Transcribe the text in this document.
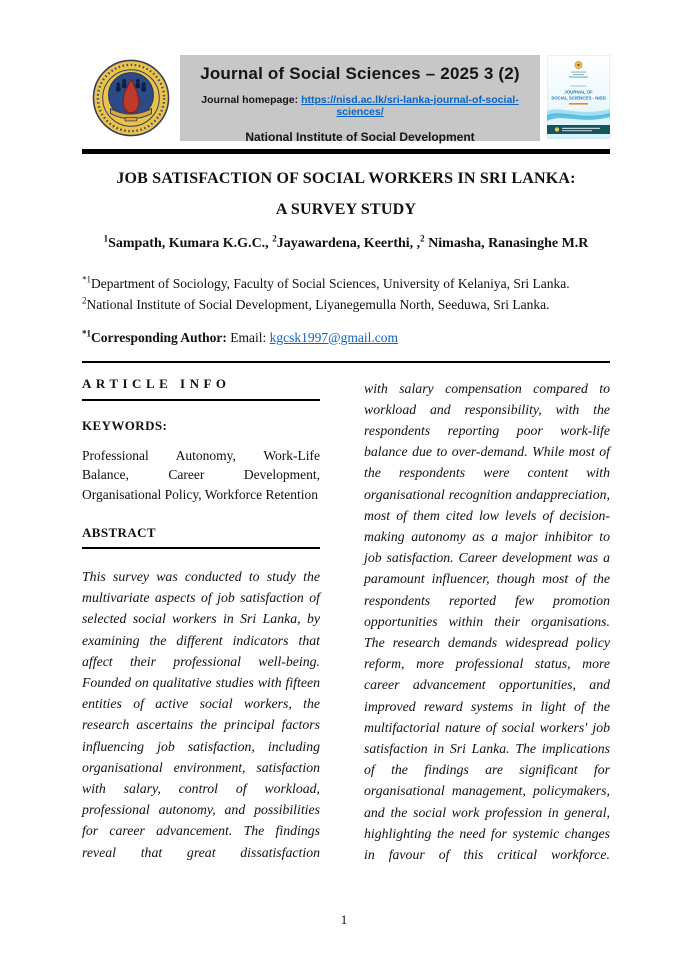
Journal of Social Sciences – 2025 3 (2)
Journal homepage: https://nisd.ac.lk/sri-lanka-journal-of-social-sciences/
National Institute of Social Development
JOURNAL OF
SOCIAL SCIENCES - NISD
JOB SATISFACTION OF SOCIAL WORKERS IN SRI LANKA:
A SURVEY STUDY
$^1$Sampath, Kumara K.G.C., $^2$Jayawardena, Keerthi, ,$^2$ Nimasha, Ranasinghe M.R
$^{*1}$Department of Sociology, Faculty of Social Sciences, University of Kelaniya, Sri Lanka.
$^2$National Institute of Social Development, Liyanegemulla North, Seeduwa, Sri Lanka.
$^{*1}$Corresponding Author: Email: kgcsk1997@gmail.com
ARTICLE INFO
KEYWORDS:

Professional Autonomy, Work-Life Balance, Career Development, Organisational Policy, Workforce Retention

ABSTRACT

This survey was conducted to study the multivariate aspects of job satisfaction of selected social workers in Sri Lanka, by examining the different indicators that affect their professional well-being. Founded on qualitative studies with fifteen entities of active social workers, the research ascertains the principal factors influencing job satisfaction, including organisational environment, satisfaction with salary, control of workload, professional autonomy, and possibilities for career advancement. The findings reveal that great dissatisfaction

with salary compensation compared to workload and responsibility, with the respondents reporting poor work-life balance due to over-demand. While most of the respondents were content with organisational recognition andappreciation, most of them cited low levels of decision-making autonomy as a major inhibitor to job satisfaction. Career development was a paramount influencer, though most of the respondents reported few promotion opportunities within their organisations. The research demands widespread policy reform, more professional status, more career advancement opportunities, and improved reward systems in light of the multifactorial nature of social workers' job satisfaction in Sri Lanka. The implications of the findings are significant for organisational management, policymakers, and the social work profession in general, highlighting the need for systemic changes in favour of this critical workforce.

1
